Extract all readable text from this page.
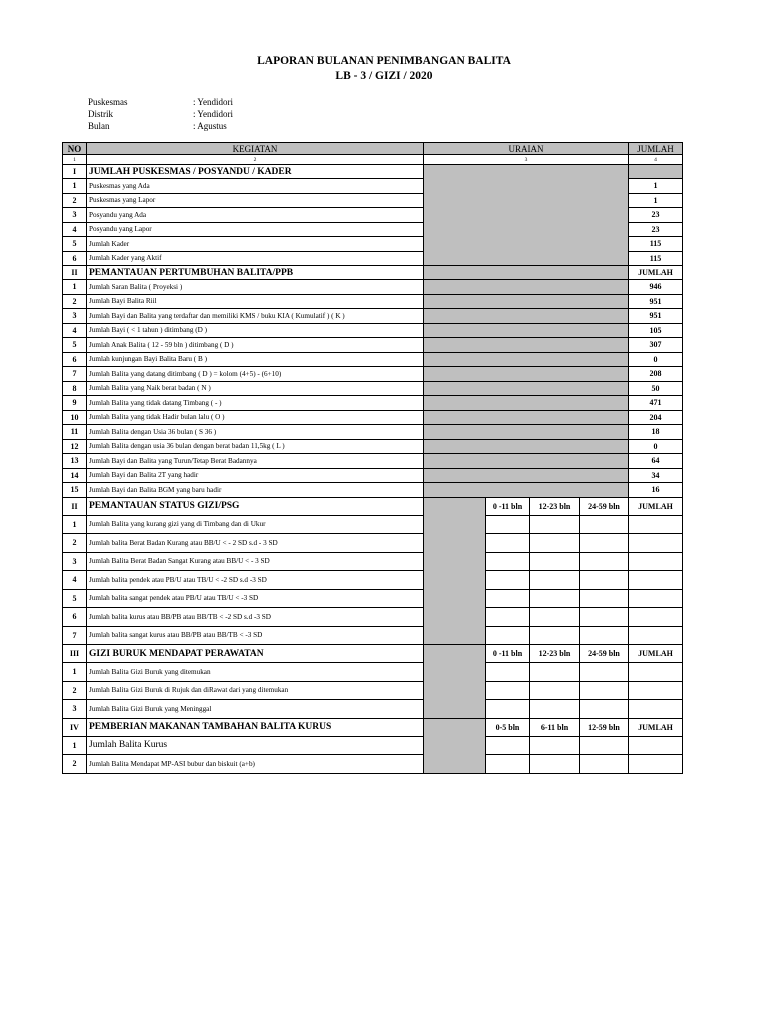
LAPORAN BULANAN PENIMBANGAN BALITA
LB - 3 / GIZI / 2020
Puskesmas	: Yendidori
Distrik	: Yendidori
Bulan	: Agustus
NO	KEGIATAN	URAIAN				JUMLAH
1	2	3				4
I	JUMLAH PUSKESMAS / POSYANDU / KADER					
1	Puskesmas yang Ada					1
2	Puskesmas yang Lapor					1
3	Posyandu yang Ada					23
4	Posyandu yang Lapor					23
5	Jumlah Kader					115
6	Jumlah Kader yang Aktif					115
II	PEMANTAUAN PERTUMBUHAN BALITA/PPB					JUMLAH
1	Jumlah Saran Balita ( Proyeksi )					946
2	Jumlah Bayi Balita Riil					951
3	Jumlah Bayi dan Balita yang terdaftar dan memiliki KMS / buku KIA ( Kumulatif ) ( K )					951
4	Jumlah Bayi ( < 1 tahun ) ditimbang (D )					105
5	Jumlah Anak Balita ( 12 - 59 bln ) ditimbang ( D )					307
6	Jumlah kunjungan Bayi Balita Baru ( B )					0
7	Jumlah Balita yang datang ditimbang ( D ) = kolom (4+5) - (6+10)					208
8	Jumlah Balita yang Naik berat badan ( N )					50
9	Jumlah Balita yang tidak datang Timbang ( - )					471
10	Jumlah Balita yang tidak Hadir bulan lalu ( O )					204
11	Jumlah Balita dengan Usia 36 bulan ( S 36 )					18
12	Jumlah Balita dengan usia 36 bulan dengan berat badan 11,5kg ( L )					0
13	Jumlah Bayi dan Balita yang Turun/Tetap Berat Badannya					64
14	Jumlah Bayi dan Balita 2T yang hadir					34
15	Jumlah Bayi dan Balita BGM yang baru hadir					16
II	PEMANTAUAN STATUS GIZI/PSG		0 -11 bln	12-23 bln	24-59 bln	JUMLAH
1	Jumlah Balita yang kurang gizi yang di Timbang dan di Ukur					
2	Jumlah balita Berat Badan Kurang atau BB/U < - 2 SD s.d - 3 SD					
3	Jumlah Balita Berat Badan Sangat Kurang atau BB/U < - 3 SD					
4	Jumlah balita pendek atau PB/U atau TB/U < -2 SD s.d -3 SD					
5	Jumlah balita sangat pendek atau PB/U atau TB/U < -3 SD					
6	Jumlah balita kurus atau BB/PB atau BB/TB < -2 SD s.d -3 SD					
7	Jumlah balita sangat kurus atau BB/PB atau BB/TB < -3 SD					
III	GIZI BURUK MENDAPAT PERAWATAN		0 -11 bln	12-23 bln	24-59 bln	JUMLAH
1	Jumlah Balita Gizi Buruk yang ditemukan					
2	Jumlah Balita Gizi Buruk di Rujuk dan diRawat dari yang ditemukan					
3	Jumlah Balita Gizi Buruk yang Meninggal					
IV	PEMBERIAN MAKANAN TAMBAHAN BALITA KURUS		0-5 bln	6-11 bln	12-59 bln	JUMLAH
1	Jumlah Balita Kurus					
2	Jumlah Balita Mendapat MP-ASI bubur dan biskuit (a+b)					
